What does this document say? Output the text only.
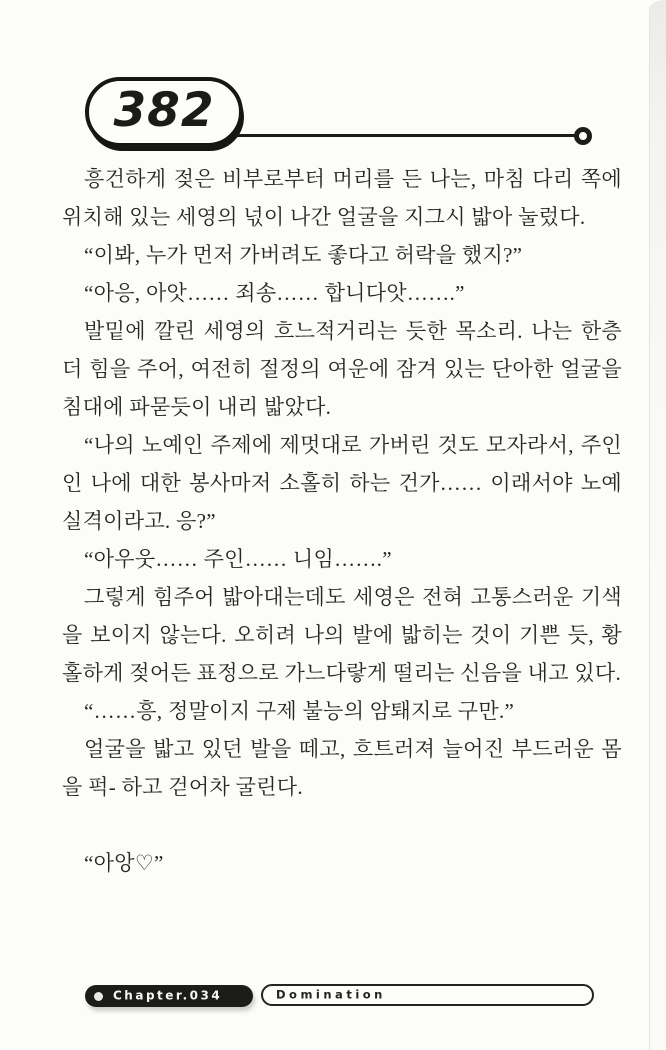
382

흥건하게 젖은 비부로부터 머리를 든 나는, 마침 다리 쪽에 위치해 있는 세영의 넋이 나간 얼굴을 지그시 밟아 눌렀다.

“이봐, 누가 먼저 가버려도 좋다고 허락을 했지?”

“아응, 아앗…… 죄송…… 합니다앗…….”

발밑에 깔린 세영의 흐느적거리는 듯한 목소리. 나는 한층 더 힘을 주어, 여전히 절정의 여운에 잠겨 있는 단아한 얼굴을 침대에 파묻듯이 내리 밟았다.

“나의 노예인 주제에 제멋대로 가버린 것도 모자라서, 주인인 나에 대한 봉사마저 소홀히 하는 건가…… 이래서야 노예 실격이라고. 응?”

“아우웃…… 주인…… 니임…….”

그렇게 힘주어 밟아대는데도 세영은 전혀 고통스러운 기색을 보이지 않는다. 오히려 나의 발에 밟히는 것이 기쁜 듯, 황홀하게 젖어든 표정으로 가느다랗게 떨리는 신음을 내고 있다.

“……흥, 정말이지 구제 불능의 암퇘지로 구만.”

얼굴을 밟고 있던 발을 떼고, 흐트러져 늘어진 부드러운 몸을 퍽- 하고 걷어차 굴린다.

“아앙♡”

Chapter.034	Domination
